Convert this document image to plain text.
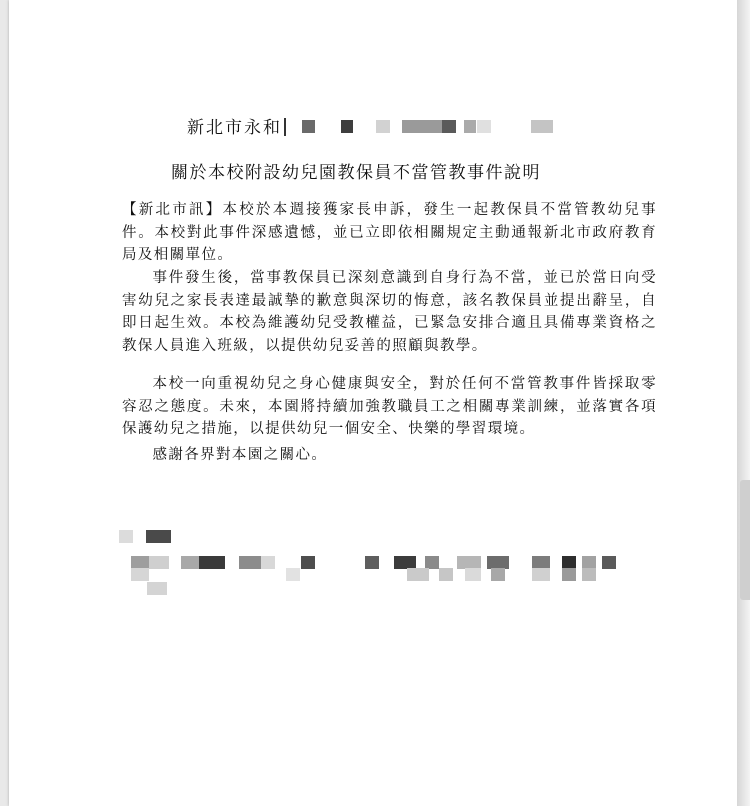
新北市永和
關於本校附設幼兒園教保員不當管教事件說明
【新北市訊】本校於本週接獲家長申訴，發生一起教保員不當管教幼兒事件。本校對此事件深感遺憾，並已立即依相關規定主動通報新北市政府教育局及相關單位。
事件發生後，當事教保員已深刻意識到自身行為不當，並已於當日向受害幼兒之家長表達最誠摯的歉意與深切的悔意，該名教保員並提出辭呈，自即日起生效。本校為維護幼兒受教權益，已緊急安排合適且具備專業資格之教保人員進入班級，以提供幼兒妥善的照顧與教學。
本校一向重視幼兒之身心健康與安全，對於任何不當管教事件皆採取零容忍之態度。未來，本園將持續加強教職員工之相關專業訓練，並落實各項保護幼兒之措施，以提供幼兒一個安全、快樂的學習環境。
感謝各界對本園之關心。
